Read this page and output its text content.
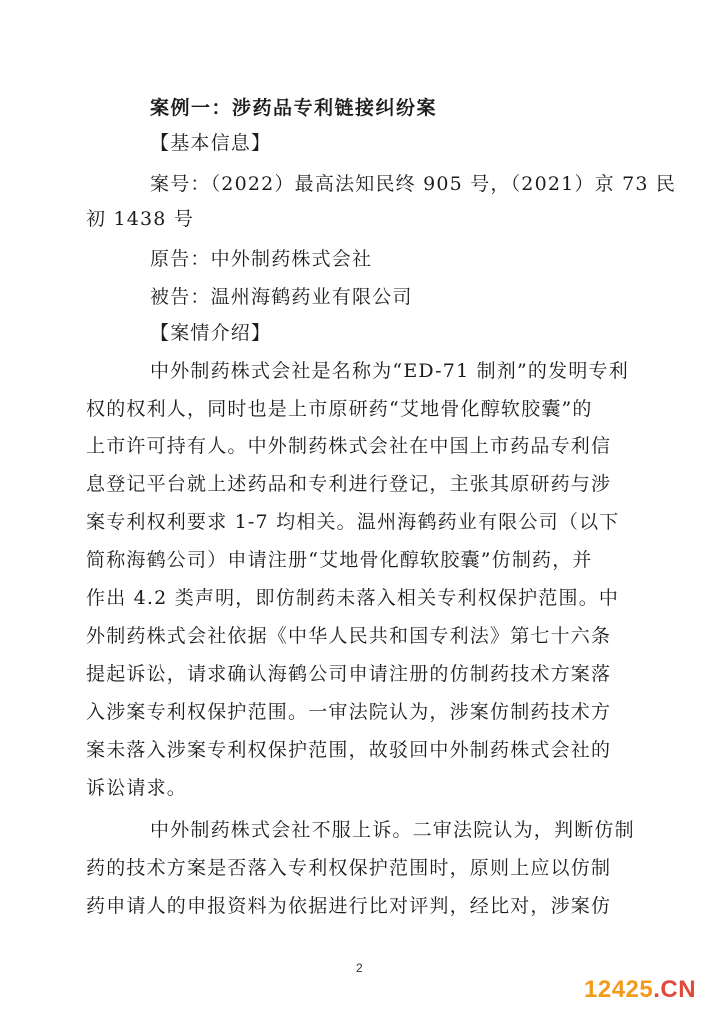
案例一：涉药品专利链接纠纷案
【基本信息】
案号：（2022）最高法知民终 905 号，（2021）京 73 民
初 1438 号
原告：中外制药株式会社
被告：温州海鹤药业有限公司
【案情介绍】
中外制药株式会社是名称为“ED-71 制剂”的发明专利
权的权利人，同时也是上市原研药“艾地骨化醇软胶囊”的
上市许可持有人。中外制药株式会社在中国上市药品专利信
息登记平台就上述药品和专利进行登记，主张其原研药与涉
案专利权利要求 1-7 均相关。温州海鹤药业有限公司（以下
简称海鹤公司）申请注册“艾地骨化醇软胶囊”仿制药，并
作出 4.2 类声明，即仿制药未落入相关专利权保护范围。中
外制药株式会社依据《中华人民共和国专利法》第七十六条
提起诉讼，请求确认海鹤公司申请注册的仿制药技术方案落
入涉案专利权保护范围。一审法院认为，涉案仿制药技术方
案未落入涉案专利权保护范围，故驳回中外制药株式会社的
诉讼请求。
中外制药株式会社不服上诉。二审法院认为，判断仿制
药的技术方案是否落入专利权保护范围时，原则上应以仿制
药申请人的申报资料为依据进行比对评判，经比对，涉案仿
2
12425.CN
